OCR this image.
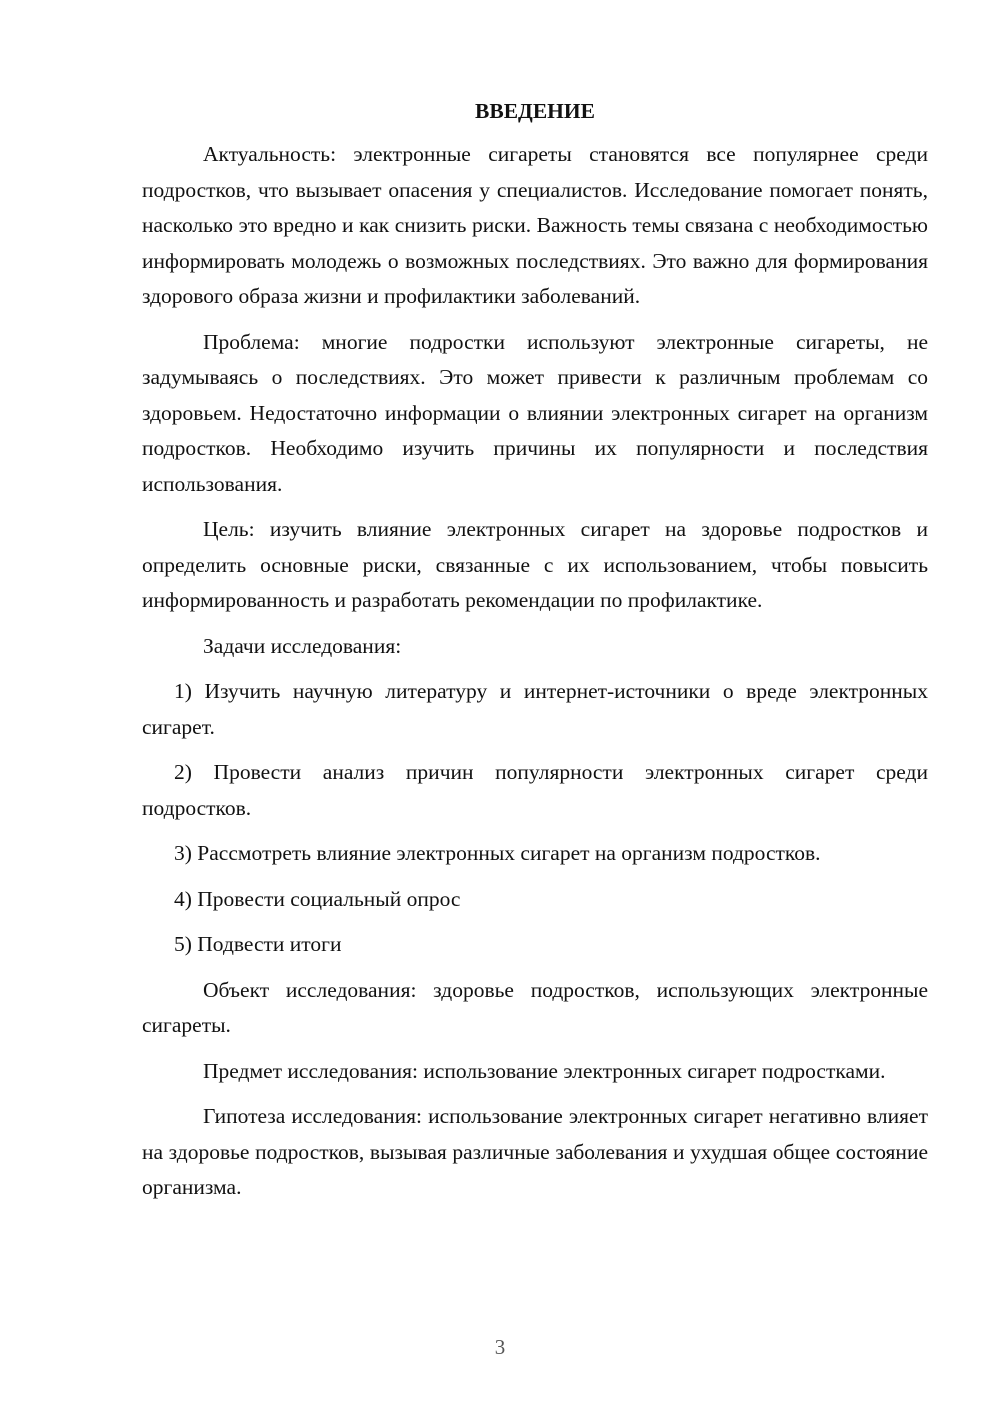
ВВЕДЕНИЕ

Актуальность: электронные сигареты становятся все популярнее среди подростков, что вызывает опасения у специалистов. Исследование помогает понять, насколько это вредно и как снизить риски. Важность темы связана с необходимостью информировать молодежь о возможных последствиях. Это важно для формирования здорового образа жизни и профилактики заболеваний.

Проблема: многие подростки используют электронные сигареты, не задумываясь о последствиях. Это может привести к различным проблемам со здоровьем. Недостаточно информации о влиянии электронных сигарет на организм подростков. Необходимо изучить причины их популярности и последствия использования.

Цель: изучить влияние электронных сигарет на здоровье подростков и определить основные риски, связанные с их использованием, чтобы повысить информированность и разработать рекомендации по профилактике.

Задачи исследования:

1) Изучить научную литературу и интернет-источники о вреде электронных сигарет.

2) Провести анализ причин популярности электронных сигарет среди подростков.

3) Рассмотреть влияние электронных сигарет на организм подростков.

4) Провести социальный опрос

5) Подвести итоги

Объект исследования: здоровье подростков, использующих электронные сигареты.

Предмет исследования: использование электронных сигарет подростками.

Гипотеза исследования: использование электронных сигарет негативно влияет на здоровье подростков, вызывая различные заболевания и ухудшая общее состояние организма.

3
